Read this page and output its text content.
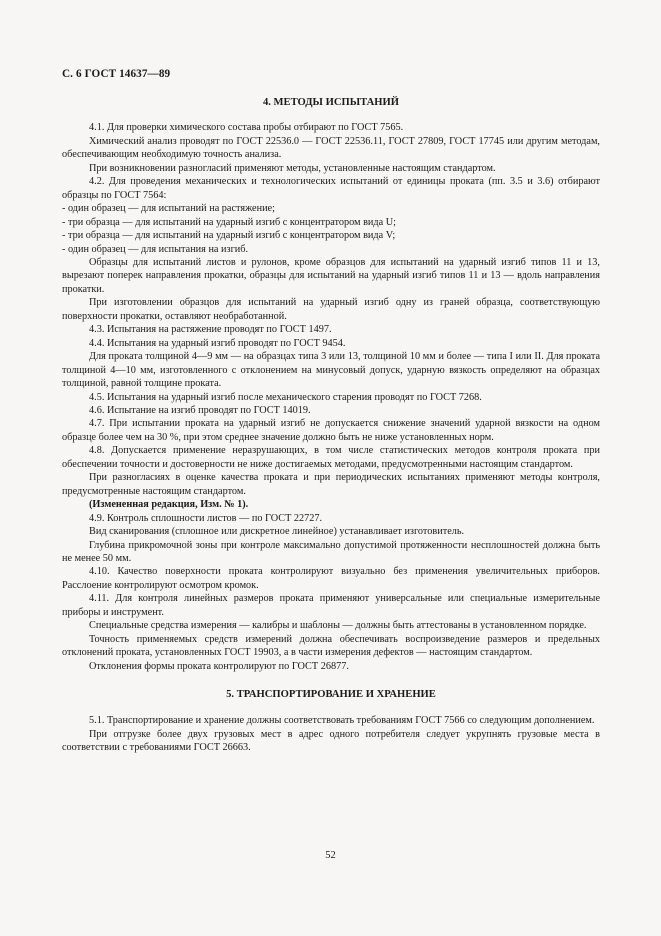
С. 6 ГОСТ 14637—89
4. МЕТОДЫ ИСПЫТАНИЙ

4.1. Для проверки химического состава пробы отбирают по ГОСТ 7565.

Химический анализ проводят по ГОСТ 22536.0 — ГОСТ 22536.11, ГОСТ 27809, ГОСТ 17745 или другим методам, обеспечивающим необходимую точность анализа.

При возникновении разногласий применяют методы, установленные настоящим стандартом.

4.2. Для проведения механических и технологических испытаний от единицы проката (пп. 3.5 и 3.6) отбирают образцы по ГОСТ 7564:

- один образец — для испытаний на растяжение;

- три образца — для испытаний на ударный изгиб с концентратором вида U;

- три образца — для испытаний на ударный изгиб с концентратором вида V;

- один образец — для испытания на изгиб.

Образцы для испытаний листов и рулонов, кроме образцов для испытаний на ударный изгиб типов 11 и 13, вырезают поперек направления прокатки, образцы для испытаний на ударный изгиб типов 11 и 13 — вдоль направления прокатки.

При изготовлении образцов для испытаний на ударный изгиб одну из граней образца, соответствующую поверхности прокатки, оставляют необработанной.

4.3. Испытания на растяжение проводят по ГОСТ 1497.

4.4. Испытания на ударный изгиб проводят по ГОСТ 9454.

Для проката толщиной 4—9 мм — на образцах типа 3 или 13, толщиной 10 мм и более — типа I или II. Для проката толщиной 4—10 мм, изготовленного с отклонением на минусовый допуск, ударную вязкость определяют на образцах толщиной, равной толщине проката.

4.5. Испытания на ударный изгиб после механического старения проводят по ГОСТ 7268.

4.6. Испытание на изгиб проводят по ГОСТ 14019.

4.7. При испытании проката на ударный изгиб не допускается снижение значений ударной вязкости на одном образце более чем на 30 %, при этом среднее значение должно быть не ниже установленных норм.

4.8. Допускается применение неразрушающих, в том числе статистических методов контроля проката при обеспечении точности и достоверности не ниже достигаемых методами, предусмотренными настоящим стандартом.

При разногласиях в оценке качества проката и при периодических испытаниях применяют методы контроля, предусмотренные настоящим стандартом.

(Измененная редакция, Изм. № 1).

4.9. Контроль сплошности листов — по ГОСТ 22727.

Вид сканирования (сплошное или дискретное линейное) устанавливает изготовитель.

Глубина прикромочной зоны при контроле максимально допустимой протяженности несплошностей должна быть не менее 50 мм.

4.10. Качество поверхности проката контролируют визуально без применения увеличительных приборов. Расслоение контролируют осмотром кромок.

4.11. Для контроля линейных размеров проката применяют универсальные или специальные измерительные приборы и инструмент.

Специальные средства измерения — калибры и шаблоны — должны быть аттестованы в установленном порядке.

Точность применяемых средств измерений должна обеспечивать воспроизведение размеров и предельных отклонений проката, установленных ГОСТ 19903, а в части измерения дефектов — настоящим стандартом.

Отклонения формы проката контролируют по ГОСТ 26877.

5. ТРАНСПОРТИРОВАНИЕ И ХРАНЕНИЕ

5.1. Транспортирование и хранение должны соответствовать требованиям ГОСТ 7566 со следующим дополнением.

При отгрузке более двух грузовых мест в адрес одного потребителя следует укрупнять грузовые места в соответствии с требованиями ГОСТ 26663.

52
